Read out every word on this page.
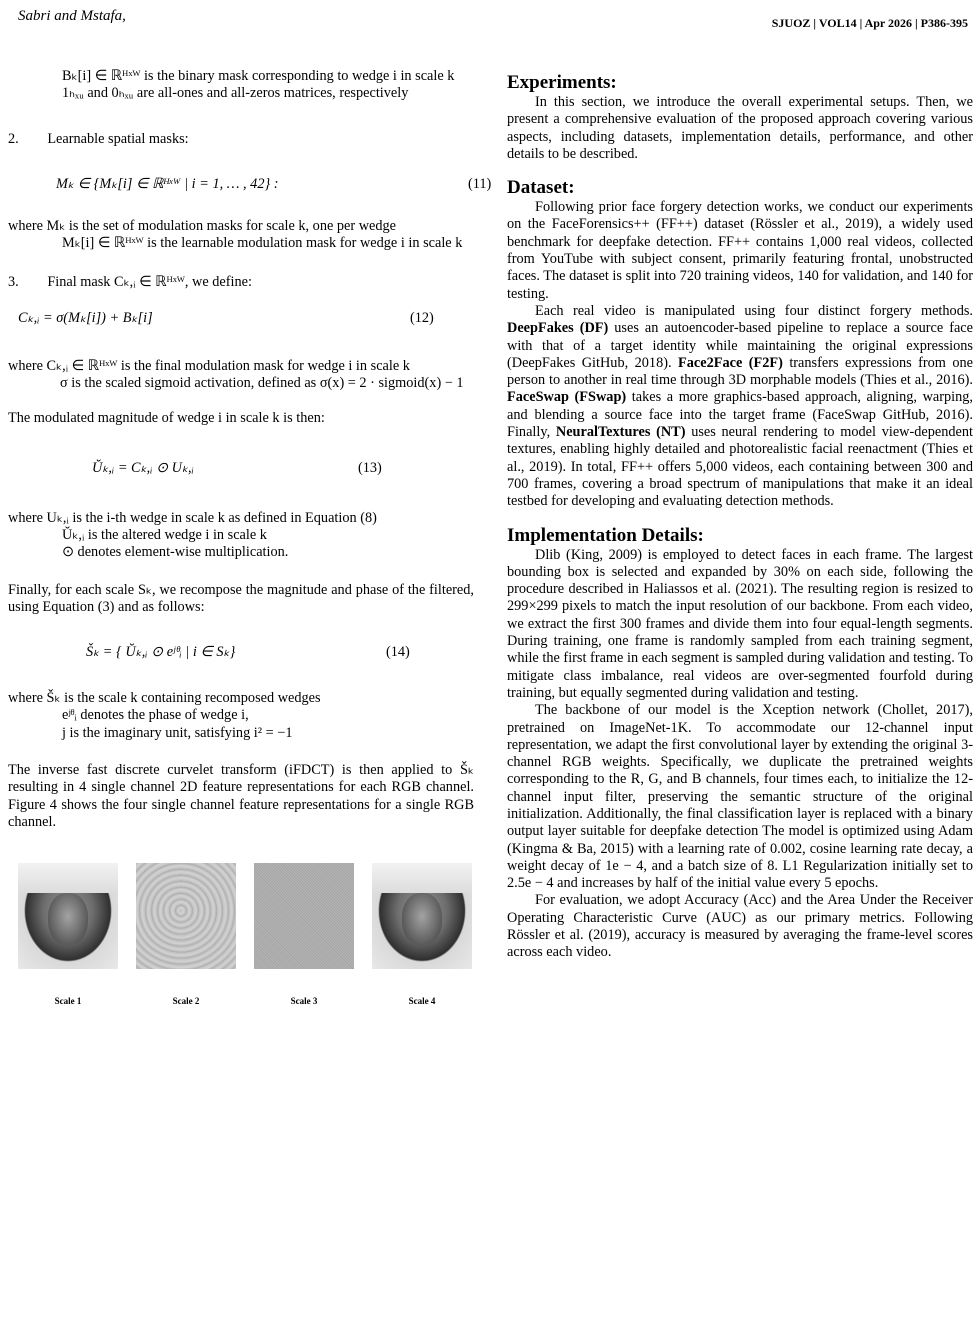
Sabri and Mstafa,	SJUOZ | VOL14 | Apr 2026 | P386-395

Bₖ[i] ∈ ℝᴴˣᵂ is the binary mask corresponding to wedge i in scale k

1ₕₓᵤ and 0ₕₓᵤ are all-ones and all-zeros matrices, respectively

2.  Learnable spatial masks:

Mₖ ∈ {Mₖ[i] ∈ ℝᴴˣᵂ | i = 1, … , 42} :	(11)

where Mₖ is the set of modulation masks for scale k, one per wedge

Mₖ[i] ∈ ℝᴴˣᵂ is the learnable modulation mask for wedge i in scale k

3.  Final mask Cₖ,ᵢ ∈ ℝᴴˣᵂ, we define:

Cₖ,ᵢ = σ(Mₖ[i]) + Bₖ[i]	(12)

where Cₖ,ᵢ ∈ ℝᴴˣᵂ is the final modulation mask for wedge i in scale k

σ is the scaled sigmoid activation, defined as σ(x) = 2 · sigmoid(x) − 1

The modulated magnitude of wedge i in scale k is then:

Ŭₖ,ᵢ = Cₖ,ᵢ ⊙ Uₖ,ᵢ	(13)

where Uₖ,ᵢ is the i-th wedge in scale k as defined in Equation (8)

Ŭₖ,ᵢ is the altered wedge i in scale k

⊙ denotes element-wise multiplication.

Finally, for each scale Sₖ, we recompose the magnitude and phase of the filtered, using Equation (3) and as follows:

Šₖ = { Ŭₖ,ᵢ ⊙ eʲᶿᵢ | i ∈ Sₖ}	(14)

where Šₖ is the scale k containing recomposed wedges

eʲᶿᵢ denotes the phase of wedge i,

j is the imaginary unit, satisfying i² = −1

The inverse fast discrete curvelet transform (iFDCT) is then applied to Šₖ resulting in 4 single channel 2D feature representations for each RGB channel. Figure 4 shows the four single channel feature representations for a single RGB channel.

Scale 1	Scale 2	Scale 3	Scale 4

Experiments:

In this section, we introduce the overall experimental setups. Then, we present a comprehensive evaluation of the proposed approach covering various aspects, including datasets, implementation details, performance, and other details to be described.

Dataset:

Following prior face forgery detection works, we conduct our experiments on the FaceForensics++ (FF++) dataset (Rössler et al., 2019), a widely used benchmark for deepfake detection. FF++ contains 1,000 real videos, collected from YouTube with subject consent, primarily featuring frontal, unobstructed faces. The dataset is split into 720 training videos, 140 for validation, and 140 for testing.

Each real video is manipulated using four distinct forgery methods. DeepFakes (DF) uses an autoencoder-based pipeline to replace a source face with that of a target identity while maintaining the original expressions (DeepFakes GitHub, 2018). Face2Face (F2F) transfers expressions from one person to another in real time through 3D morphable models (Thies et al., 2016). FaceSwap (FSwap) takes a more graphics-based approach, aligning, warping, and blending a source face into the target frame (FaceSwap GitHub, 2016). Finally, NeuralTextures (NT) uses neural rendering to model view-dependent textures, enabling highly detailed and photorealistic facial reenactment (Thies et al., 2019). In total, FF++ offers 5,000 videos, each containing between 300 and 700 frames, covering a broad spectrum of manipulations that make it an ideal testbed for developing and evaluating detection methods.

Implementation Details:

Dlib (King, 2009) is employed to detect faces in each frame. The largest bounding box is selected and expanded by 30% on each side, following the procedure described in Haliassos et al. (2021). The resulting region is resized to 299×299 pixels to match the input resolution of our backbone. From each video, we extract the first 300 frames and divide them into four equal-length segments. During training, one frame is randomly sampled from each training segment, while the first frame in each segment is sampled during validation and testing. To mitigate class imbalance, real videos are over-segmented fourfold during training, but equally segmented during validation and testing.

The backbone of our model is the Xception network (Chollet, 2017), pretrained on ImageNet-1K. To accommodate our 12-channel input representation, we adapt the first convolutional layer by extending the original 3-channel RGB weights. Specifically, we duplicate the pretrained weights corresponding to the R, G, and B channels, four times each, to initialize the 12-channel input filter, preserving the semantic structure of the original initialization. Additionally, the final classification layer is replaced with a binary output layer suitable for deepfake detection The model is optimized using Adam (Kingma & Ba, 2015) with a learning rate of 0.002, cosine learning rate decay, a weight decay of 1e − 4, and a batch size of 8. L1 Regularization initially set to 2.5e − 4 and increases by half of the initial value every 5 epochs.

For evaluation, we adopt Accuracy (Acc) and the Area Under the Receiver Operating Characteristic Curve (AUC) as our primary metrics. Following Rössler et al. (2019), accuracy is measured by averaging the frame-level scores across each video.
